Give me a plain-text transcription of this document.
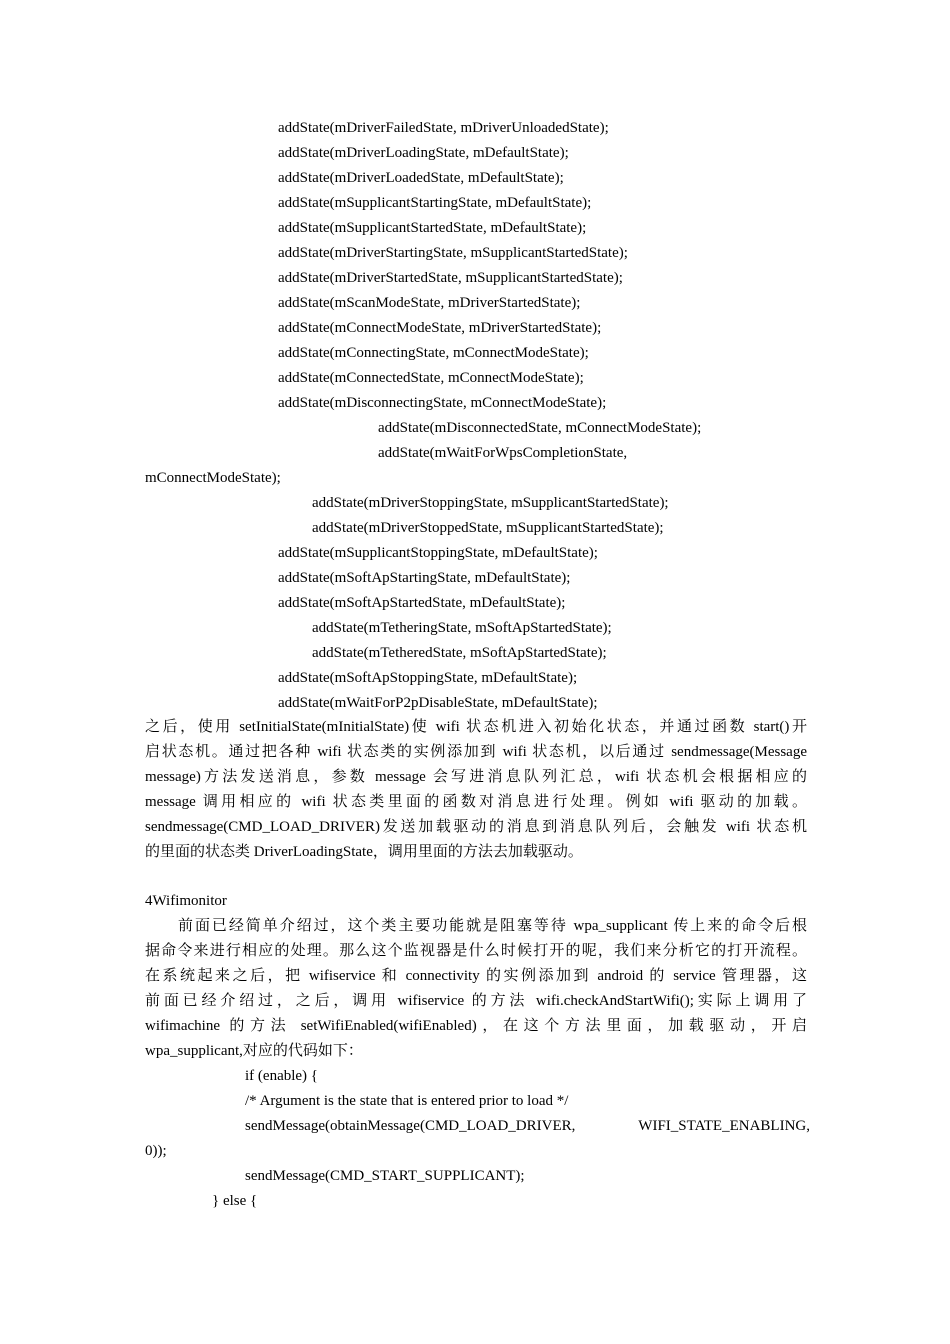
addState(mDriverFailedState, mDriverUnloadedState);

addState(mDriverLoadingState, mDefaultState);

addState(mDriverLoadedState, mDefaultState);

addState(mSupplicantStartingState, mDefaultState);

addState(mSupplicantStartedState, mDefaultState);

addState(mDriverStartingState, mSupplicantStartedState);

addState(mDriverStartedState, mSupplicantStartedState);

addState(mScanModeState, mDriverStartedState);

addState(mConnectModeState, mDriverStartedState);

addState(mConnectingState, mConnectModeState);

addState(mConnectedState, mConnectModeState);

addState(mDisconnectingState, mConnectModeState);

addState(mDisconnectedState, mConnectModeState);

addState(mWaitForWpsCompletionState,

mConnectModeState);

addState(mDriverStoppingState, mSupplicantStartedState);

addState(mDriverStoppedState, mSupplicantStartedState);

addState(mSupplicantStoppingState, mDefaultState);

addState(mSoftApStartingState, mDefaultState);

addState(mSoftApStartedState, mDefaultState);

addState(mTetheringState, mSoftApStartedState);

addState(mTetheredState, mSoftApStartedState);

addState(mSoftApStoppingState, mDefaultState);

addState(mWaitForP2pDisableState, mDefaultState);

之后，使用 setInitialState(mInitialState)使 wifi 状态机进入初始化状态，并通过函数 start()开

启状态机。通过把各种 wifi 状态类的实例添加到 wifi 状态机，以后通过 sendmessage(Message

message)方法发送消息，参数 message 会写进消息队列汇总，wifi 状态机会根据相应的

message 调用相应的 wifi 状态类里面的函数对消息进行处理。例如 wifi 驱动的加载。

sendmessage(CMD_LOAD_DRIVER)发送加载驱动的消息到消息队列后，会触发 wifi 状态机

的里面的状态类 DriverLoadingState，调用里面的方法去加载驱动。

4Wifimonitor

前面已经简单介绍过，这个类主要功能就是阻塞等待 wpa_supplicant 传上来的命令后根

据命令来进行相应的处理。那么这个监视器是什么时候打开的呢，我们来分析它的打开流程。

在系统起来之后，把 wifiservice 和 connectivity 的实例添加到 android 的 service 管理器，这

前面已经介绍过，之后，调用 wifiservice 的方法 wifi.checkAndStartWifi();实际上调用了

wifimachine 的方法 setWifiEnabled(wifiEnabled)，在这个方法里面，加载驱动，开启

wpa_supplicant,对应的代码如下：

if (enable) {

/* Argument is the state that is entered prior to load */

sendMessage(obtainMessage(CMD_LOAD_DRIVER, WIFI_STATE_ENABLING,

0));

sendMessage(CMD_START_SUPPLICANT);

} else {
